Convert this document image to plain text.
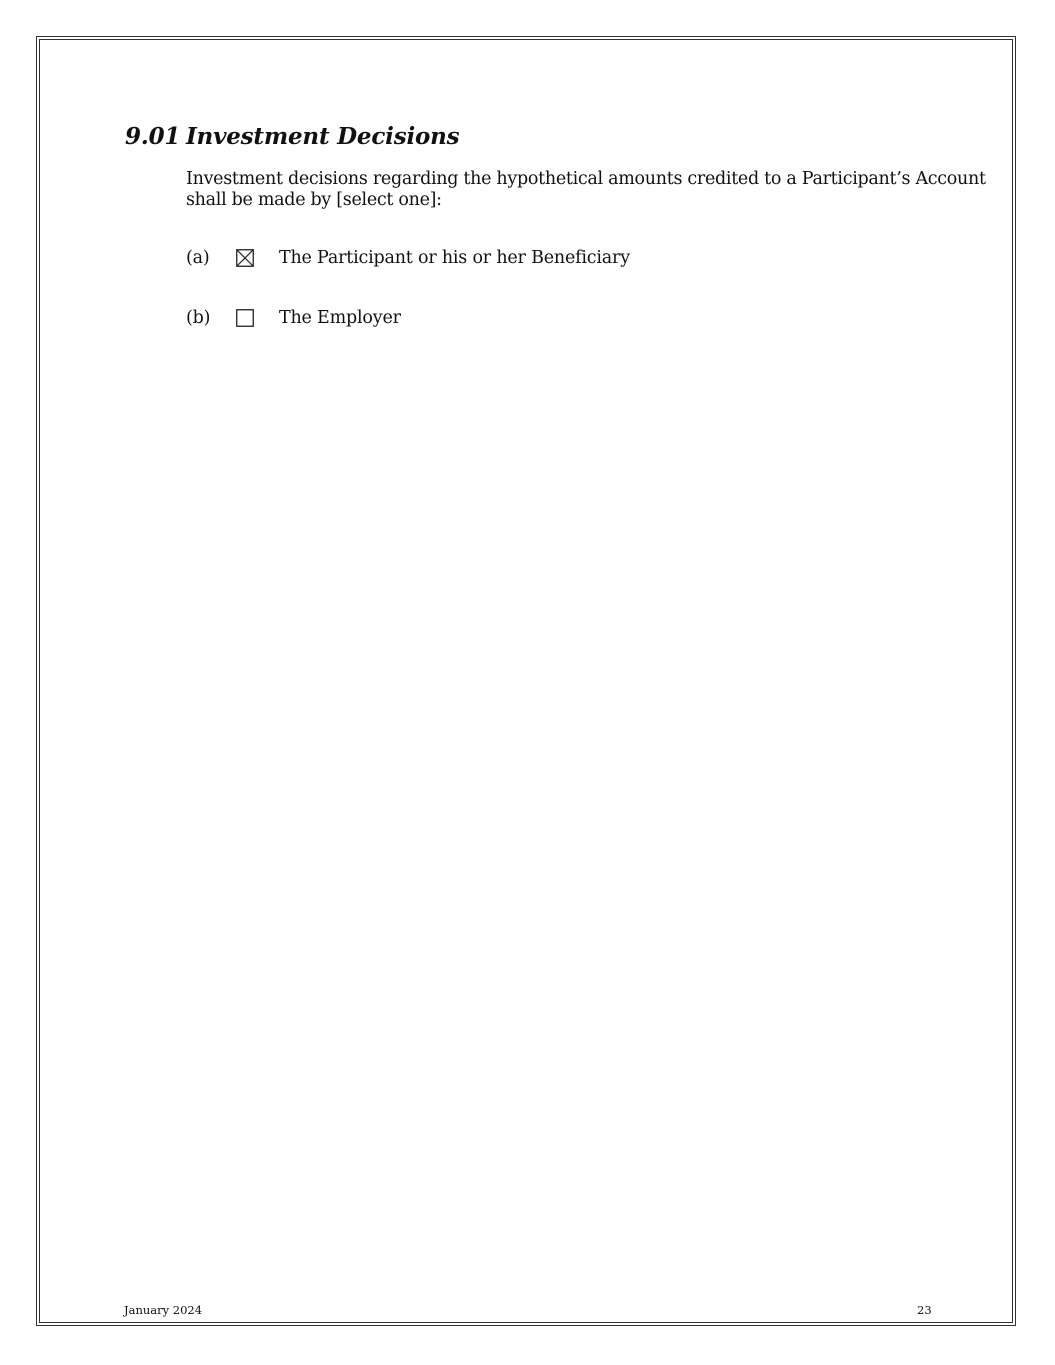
9.01 Investment Decisions
Investment decisions regarding the hypothetical amounts credited to a Participant’s Account
shall be made by [select one]:
(a)	The Participant or his or her Beneficiary
(b)	The Employer
January 2024	23
